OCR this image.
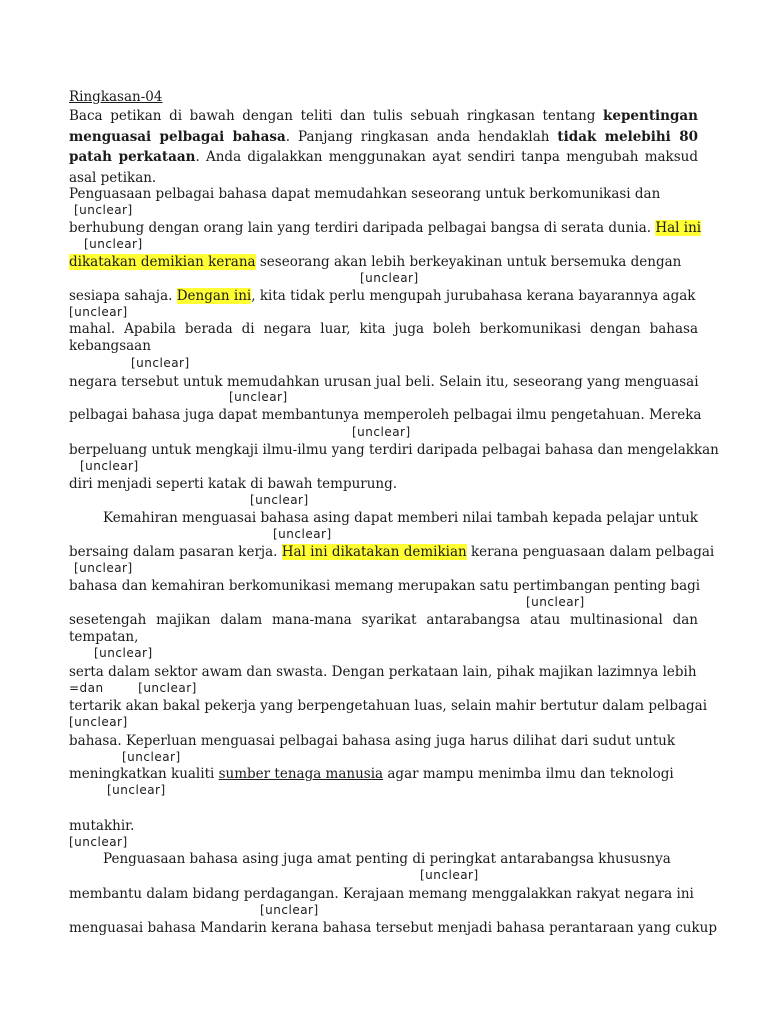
Ringkasan-04
Baca petikan di bawah dengan teliti dan tulis sebuah ringkasan tentang kepentingan menguasai pelbagai bahasa. Panjang ringkasan anda hendaklah tidak melebihi 80 patah perkataan. Anda digalakkan menggunakan ayat sendiri tanpa mengubah maksud asal petikan.
Penguasaan pelbagai bahasa dapat memudahkan seseorang untuk berkomunikasi dan
[unclear]
berhubung dengan orang lain yang terdiri daripada pelbagai bangsa di serata dunia. Hal ini
[unclear]
dikatakan demikian kerana seseorang akan lebih berkeyakinan untuk bersemuka dengan
[unclear]
sesiapa sahaja. Dengan ini, kita tidak perlu mengupah jurubahasa kerana bayarannya agak
[unclear]
mahal. Apabila berada di negara luar, kita juga boleh berkomunikasi dengan bahasa kebangsaan
[unclear]
negara tersebut untuk memudahkan urusan jual beli. Selain itu, seseorang yang menguasai
[unclear]
pelbagai bahasa juga dapat membantunya memperoleh pelbagai ilmu pengetahuan. Mereka
[unclear]
berpeluang untuk mengkaji ilmu-ilmu yang terdiri daripada pelbagai bahasa dan mengelakkan
[unclear]
diri menjadi seperti katak di bawah tempurung.
[unclear]
Kemahiran menguasai bahasa asing dapat memberi nilai tambah kepada pelajar untuk
[unclear]
bersaing dalam pasaran kerja. Hal ini dikatakan demikian kerana penguasaan dalam pelbagai
[unclear]
bahasa dan kemahiran berkomunikasi memang merupakan satu pertimbangan penting bagi
[unclear]
sesetengah majikan dalam mana-mana syarikat antarabangsa atau multinasional dan tempatan,
[unclear]
serta dalam sektor awam dan swasta. Dengan perkataan lain, pihak majikan lazimnya lebih
=dan        [unclear]
tertarik akan bakal pekerja yang berpengetahuan luas, selain mahir bertutur dalam pelbagai
[unclear]
bahasa. Keperluan menguasai pelbagai bahasa asing juga harus dilihat dari sudut untuk
[unclear]
meningkatkan kualiti sumber tenaga manusia agar mampu menimba ilmu dan teknologi
[unclear]
mutakhir.
[unclear]
Penguasaan bahasa asing juga amat penting di peringkat antarabangsa khususnya
[unclear]
membantu dalam bidang perdagangan. Kerajaan memang menggalakkan rakyat negara ini
[unclear]
menguasai bahasa Mandarin kerana bahasa tersebut menjadi bahasa perantaraan yang cukup
